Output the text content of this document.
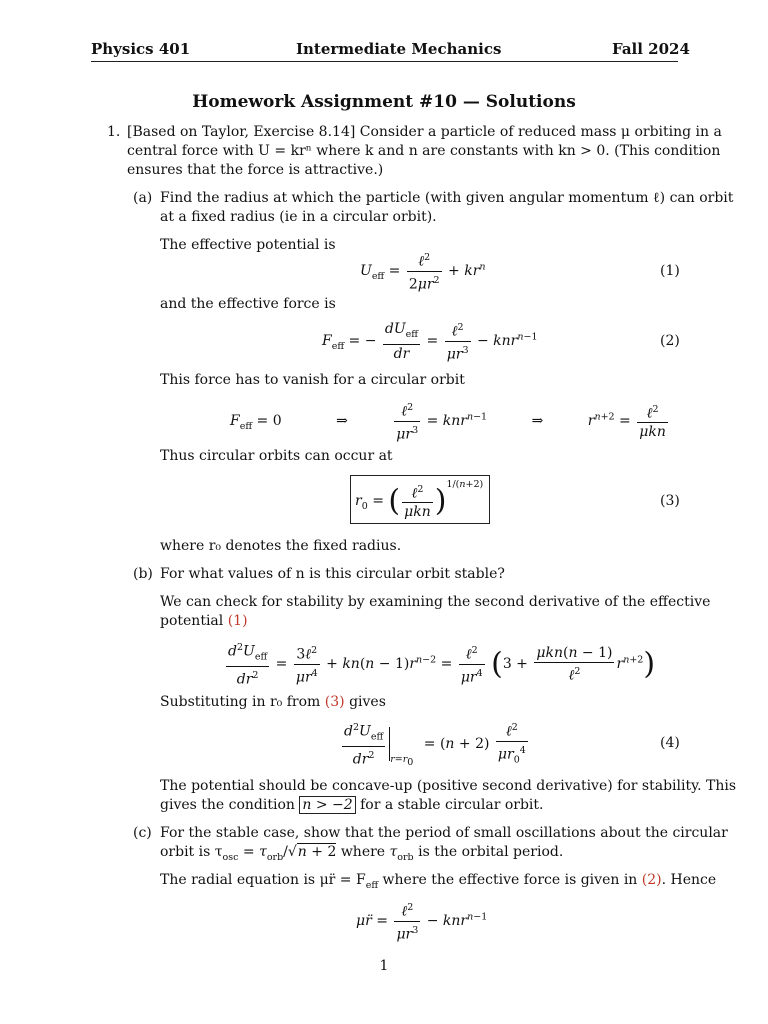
Physics 401	Intermediate Mechanics	Fall 2024
Homework Assignment #10 — Solutions
1. [Based on Taylor, Exercise 8.14] Consider a particle of reduced mass μ orbiting in a
central force with U = krⁿ where k and n are constants with kn > 0. (This condition
ensures that the force is attractive.)
(a) Find the radius at which the particle (with given angular momentum ℓ) can orbit
at a fixed radius (ie in a circular orbit).
The effective potential is
$U_{eff} = \frac{\ell^2}{2\mu r^2} + kr^n$	(1)
and the effective force is
$F_{eff}$ = − $\frac{dU_{eff}}{dr} = \frac{\ell^2}{\mu r^3} - knr^{n-1}$	(2)
This force has to vanish for a circular orbit
$F_{eff} = 0$	⇒	$\frac{\ell^2}{\mu r^3} = knr^{n-1}$	⇒	$r^{n+2} = \frac{\ell^2}{\text{μkn}}$
Thus circular orbits can occur at
$r_0$ = ( $\frac{\ell^2}{\text{μkn}} )^{1/(n+2)}$
(3)
where r₀ denotes the fixed radius.
(b) For what values of n is this circular orbit stable?
We can check for stability by examining the second derivative of the effective
potential (1)
$\frac{d^2U_{eff}}{dr^2} = \frac{3\ell^2}{\mu r^4} + kn(n - 1)r^{n-2} = \frac{\ell^2}{\mu r^4} (3 + \frac{\text{μkn(n − 1)}}{\ell^2} r^{n+2})$
Substituting in r₀ from (3) gives
$\frac{d^2U_{eff}}{dr^2} _{r=r_0} = (n + 2) \frac{\ell^2}{\mu r_0^4}$	(4)
The potential should be concave-up (positive second derivative) for stability. This
gives the condition n > −2 for a stable circular orbit.
(c) For the stable case, show that the period of small oscillations about the circular
orbit is $\tau_{osc} = \tau_{orb}/√n + 2$ where $\tau_{orb}$ is the orbital period.
The radial equation is μr̈ = $F_{eff}$ where the effective force is given in (2). Hence
μr̈ = $\frac{\ell^2}{\mu r^3} - knr^{n-1}$
1
